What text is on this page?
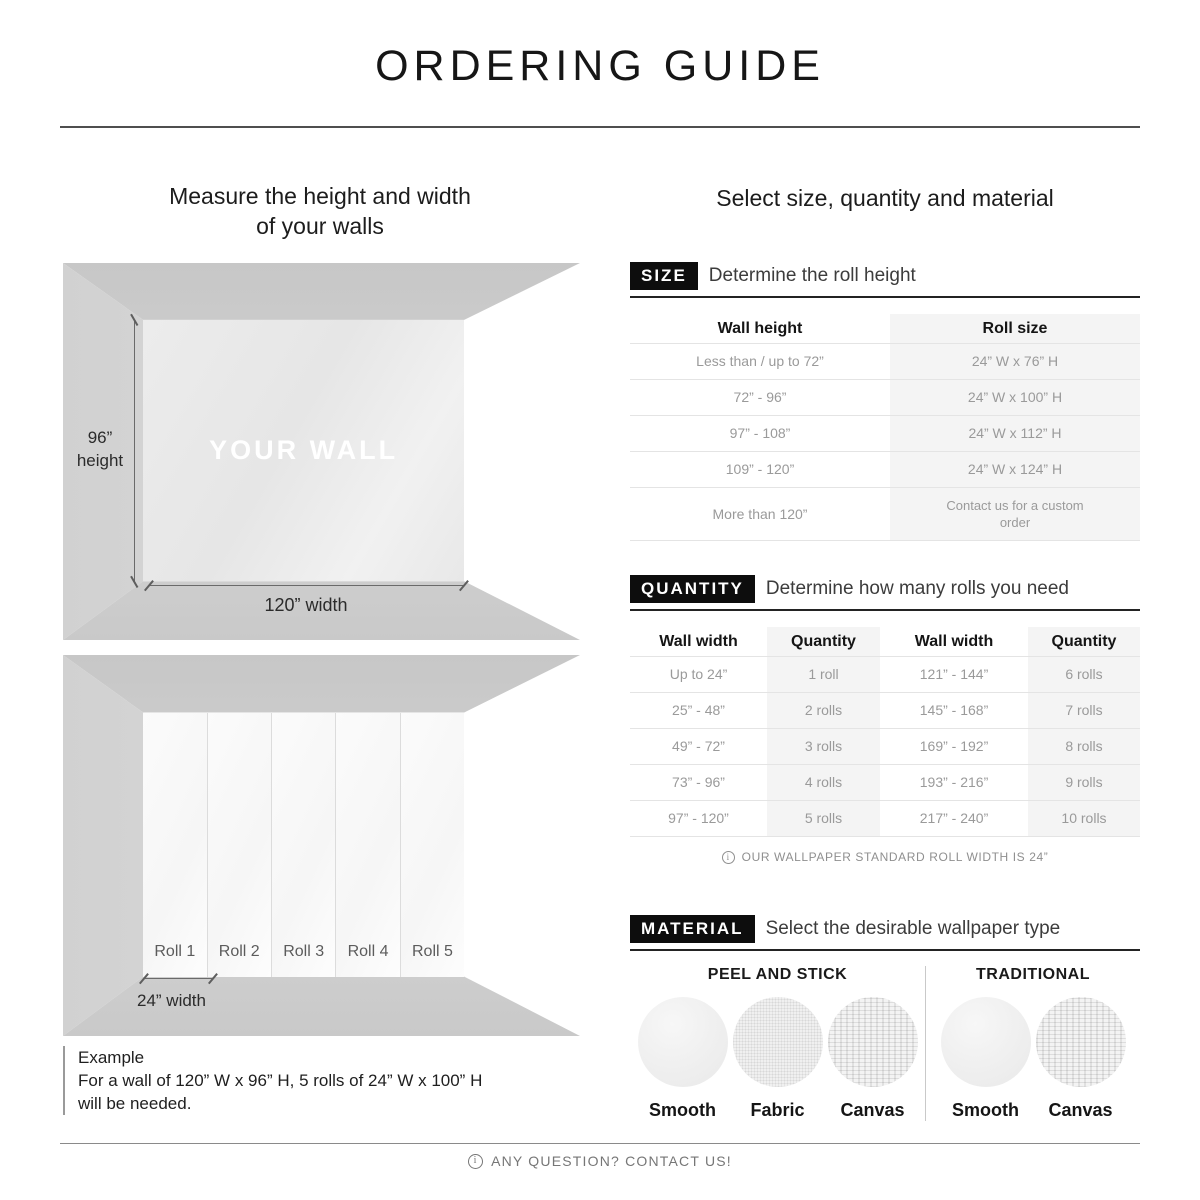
ORDERING GUIDE
Measure the height and width
of your walls
YOUR WALL
96”
height
120” width
Roll 1	Roll 2	Roll 3	Roll 4	Roll 5
24” width
Example
For a wall of 120” W x 96” H, 5 rolls of 24” W x 100” H
will be needed.
Select size, quantity and material
SIZE	Determine the roll height
Wall height	Roll size
Less than / up to 72”	24” W x 76” H
72” - 96”	24” W x 100” H
97” - 108”	24” W x 112” H
109” - 120”	24” W x 124” H
More than 120”	Contact us for a custom order
QUANTITY	Determine how many rolls you need
Wall width	Quantity	Wall width	Quantity
Up to 24”	1 roll	121” - 144”	6 rolls
25” - 48”	2 rolls	145” - 168”	7 rolls
49” - 72”	3 rolls	169” - 192”	8 rolls
73” - 96”	4 rolls	193” - 216”	9 rolls
97” - 120”	5 rolls	217” - 240”	10 rolls
i
OUR WALLPAPER STANDARD ROLL WIDTH IS 24”
MATERIAL	Select the desirable wallpaper type
PEEL AND STICK
Smooth Fabric Canvas
TRADITIONAL
Smooth Canvas
i
ANY QUESTION? CONTACT US!
